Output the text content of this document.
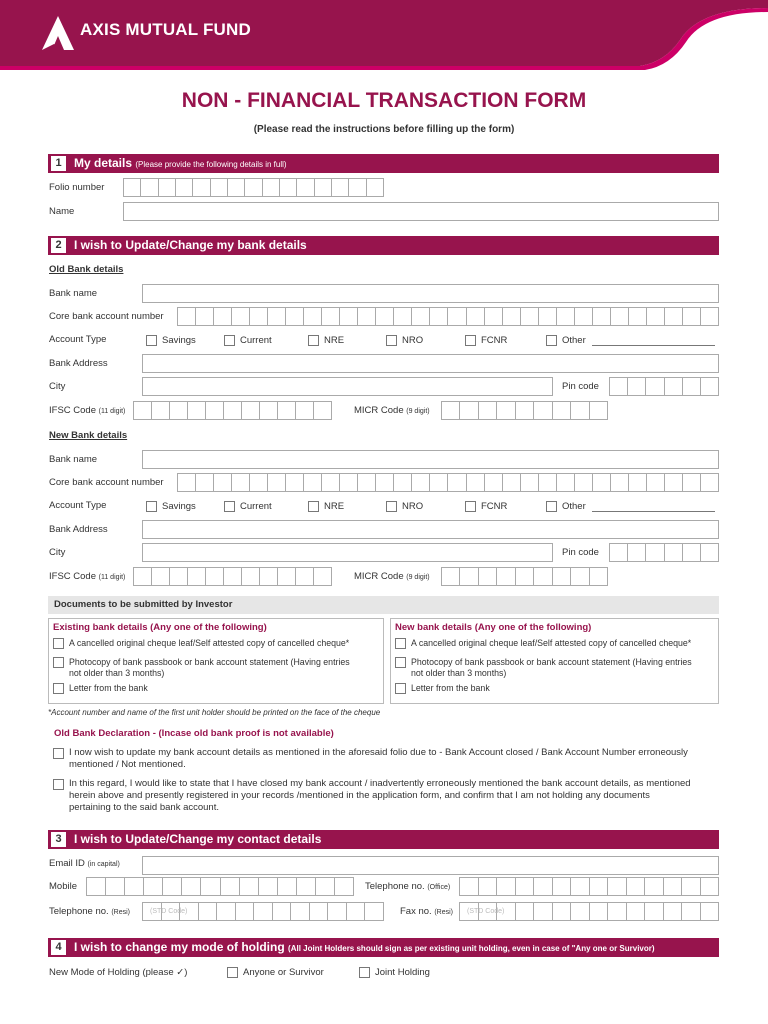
AXIS MUTUAL FUND
NON - FINANCIAL TRANSACTION FORM
(Please read the instructions before filling up the form)
1	My details (Please provide the following details in full)
Folio number
Name
2	I wish to Update/Change my bank details
Old Bank details
Bank name
Core bank account number
Account Type	Savings	Current	NRE	NRO	FCNR	Other
Bank Address
City	Pin code
IFSC Code (11 digit)	MICR Code (9 digit)
New Bank details
Bank name
Core bank account number
Account Type	Savings	Current	NRE	NRO	FCNR	Other
Bank Address
City	Pin code
IFSC Code (11 digit)	MICR Code (9 digit)
Documents to be submitted by Investor
Existing bank details (Any one of the following)
A cancelled original cheque leaf/Self attested copy of cancelled cheque*
Photocopy of bank passbook or bank account statement (Having entries
not older than 3 months)
Letter from the bank
New bank details (Any one of the following)
A cancelled original cheque leaf/Self attested copy of cancelled cheque*
Photocopy of bank passbook or bank account statement (Having entries
not older than 3 months)
Letter from the bank
*Account number and name of the first unit holder should be printed on the face of the cheque
Old Bank Declaration - (Incase old bank proof is not available)
I now wish to update my bank account details as mentioned in the aforesaid folio due to - Bank Account closed / Bank Account Number erroneously
mentioned / Not mentioned.
In this regard, I would like to state that I have closed my bank account / inadvertently erroneously mentioned the bank account details, as mentioned
herein above and presently registered in your records /mentioned in the application form, and confirm that I am not holding any documents
pertaining to the said bank account.
3	I wish to Update/Change my contact details
Email ID (in capital)
Mobile	Telephone no. (Office)
Telephone no. (Resi)	(STD Code)	Fax no. (Resi) (STD Code)
4	I wish to change my mode of holding (All Joint Holders should sign as per existing unit holding, even in case of "Any one or Survivor)
New Mode of Holding (please ✓)	Anyone or Survivor	Joint Holding
